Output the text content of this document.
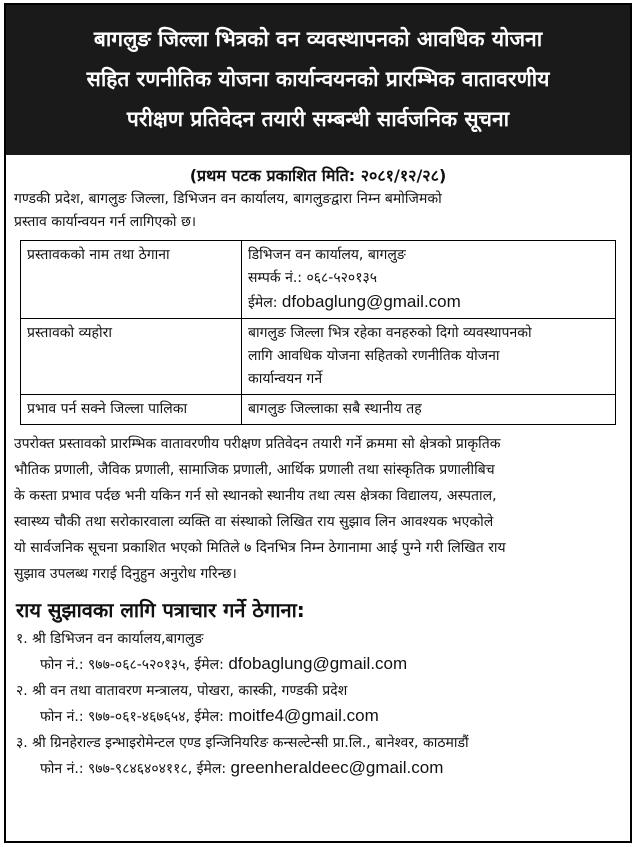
बागलुङ जिल्ला भित्रको वन व्यवस्थापनको आवधिक योजना
सहित रणनीतिक योजना कार्यान्वयनको प्रारम्भिक वातावरणीय
परीक्षण प्रतिवेदन तयारी सम्बन्धी सार्वजनिक सूचना
(प्रथम पटक प्रकाशित मिति: २०८१/१२/२८)

गण्डकी प्रदेश, बागलुङ जिल्ला, डिभिजन वन कार्यालय, बागलुङद्वारा निम्न बमोजिमको

प्रस्ताव कार्यान्वयन गर्न लागिएको छ।

प्रस्तावकको नाम तथा ठेगाना	डिभिजन वन कार्यालय, बागलुङ
सम्पर्क नं.: ०६८-५२०१३५
ईमेल: dfobaglung@gmail.com

प्रस्तावको व्यहोरा	बागलुङ जिल्ला भित्र रहेका वनहरुको दिगो व्यवस्थापनको
लागि आवधिक योजना सहितको रणनीतिक योजना
कार्यान्वयन गर्ने

प्रभाव पर्न सक्ने जिल्ला पालिका	बागलुङ जिल्लाका सबै स्थानीय तह

उपरोक्त प्रस्तावको प्रारम्भिक वातावरणीय परीक्षण प्रतिवेदन तयारी गर्ने क्रममा सो क्षेत्रको प्राकृतिक

भौतिक प्रणाली, जैविक प्रणाली, सामाजिक प्रणाली, आर्थिक प्रणाली तथा सांस्कृतिक प्रणालीबिच

के कस्ता प्रभाव पर्दछ भनी यकिन गर्न सो स्थानको स्थानीय तथा त्यस क्षेत्रका विद्यालय, अस्पताल,

स्वास्थ्य चौकी तथा सरोकारवाला व्यक्ति वा संस्थाको लिखित राय सुझाव लिन आवश्यक भएकोले

यो सार्वजनिक सूचना प्रकाशित भएको मितिले ७ दिनभित्र निम्न ठेगानामा आई पुग्ने गरी लिखित राय

सुझाव उपलब्ध गराई दिनुहुन अनुरोध गरिन्छ।

राय सुझावका लागि पत्राचार गर्ने ठेगाना:
१. श्री डिभिजन वन कार्यालय,बागलुङ
फोन नं.: ९७७-०६८-५२०१३५, ईमेल: dfobaglung@gmail.com
२. श्री वन तथा वातावरण मन्त्रालय, पोखरा, कास्की, गण्डकी प्रदेश
फोन नं.: ९७७-०६१-४६७६५४, ईमेल: moitfe4@gmail.com
३. श्री ग्रिनहेराल्ड इन्भाइरोमेन्टल एण्ड इन्जिनियरिङ कन्सल्टेन्सी प्रा.लि., बानेश्वर, काठमाडौं
फोन नं.: ९७७-९८४६४०४११८, ईमेल: greenheraldeec@gmail.com
